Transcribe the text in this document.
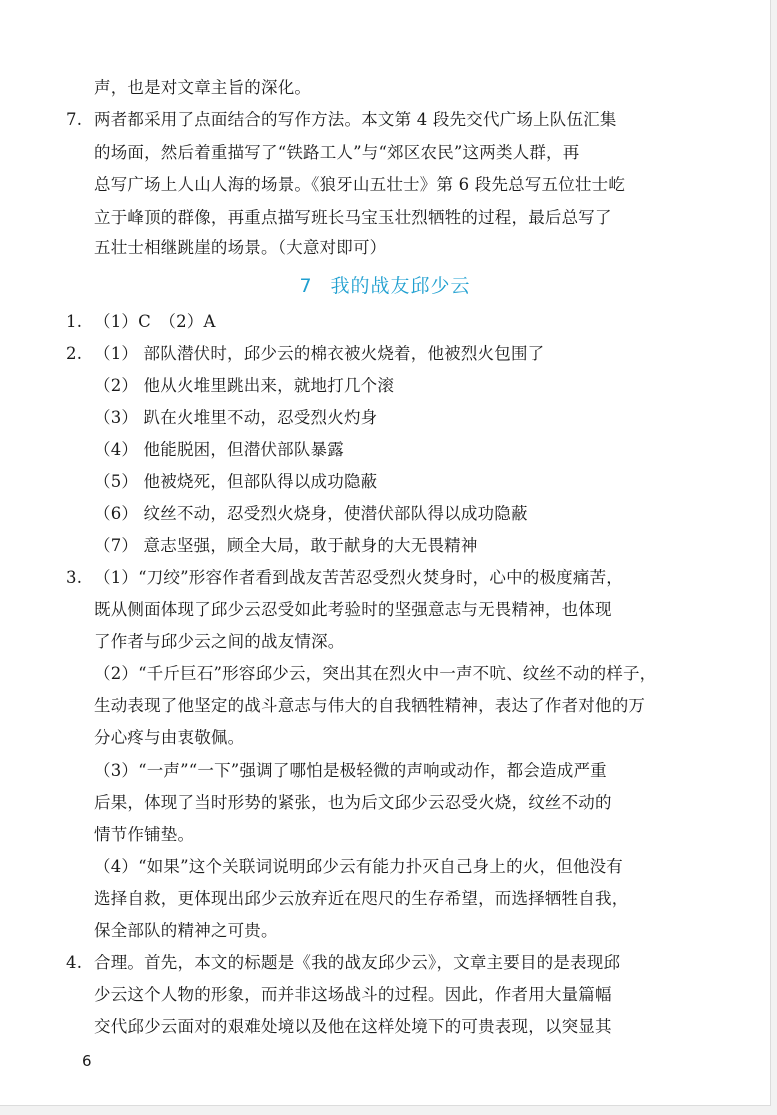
声，也是对文章主旨的深化。
7. 两者都采用了点面结合的写作方法。本文第 4 段先交代广场上队伍汇集
的场面，然后着重描写了“铁路工人”与“郊区农民”这两类人群，再
总写广场上人山人海的场景。《狼牙山五壮士》第 6 段先总写五位壮士屹
立于峰顶的群像，再重点描写班长马宝玉壮烈牺牲的过程，最后总写了
五壮士相继跳崖的场景。（大意对即可）
7 我的战友邱少云
1. （1）C　（2）A
2. （1） 部队潜伏时，邱少云的棉衣被火烧着，他被烈火包围了
（2） 他从火堆里跳出来，就地打几个滚
（3） 趴在火堆里不动，忍受烈火灼身
（4） 他能脱困，但潜伏部队暴露
（5） 他被烧死，但部队得以成功隐蔽
（6） 纹丝不动，忍受烈火烧身，使潜伏部队得以成功隐蔽
（7） 意志坚强，顾全大局，敢于献身的大无畏精神
3. （1）“刀绞”形容作者看到战友苦苦忍受烈火焚身时，心中的极度痛苦，
既从侧面体现了邱少云忍受如此考验时的坚强意志与无畏精神，也体现
了作者与邱少云之间的战友情深。
（2）“千斤巨石”形容邱少云，突出其在烈火中一声不吭、纹丝不动的样子，
生动表现了他坚定的战斗意志与伟大的自我牺牲精神，表达了作者对他的万
分心疼与由衷敬佩。
（3）“一声”“一下”强调了哪怕是极轻微的声响或动作，都会造成严重
后果，体现了当时形势的紧张，也为后文邱少云忍受火烧，纹丝不动的
情节作铺垫。
（4）“如果”这个关联词说明邱少云有能力扑灭自己身上的火，但他没有
选择自救，更体现出邱少云放弃近在咫尺的生存希望，而选择牺牲自我，
保全部队的精神之可贵。
4. 合理。首先，本文的标题是《我的战友邱少云》，文章主要目的是表现邱
少云这个人物的形象，而并非这场战斗的过程。因此，作者用大量篇幅
交代邱少云面对的艰难处境以及他在这样处境下的可贵表现，以突显其
6
